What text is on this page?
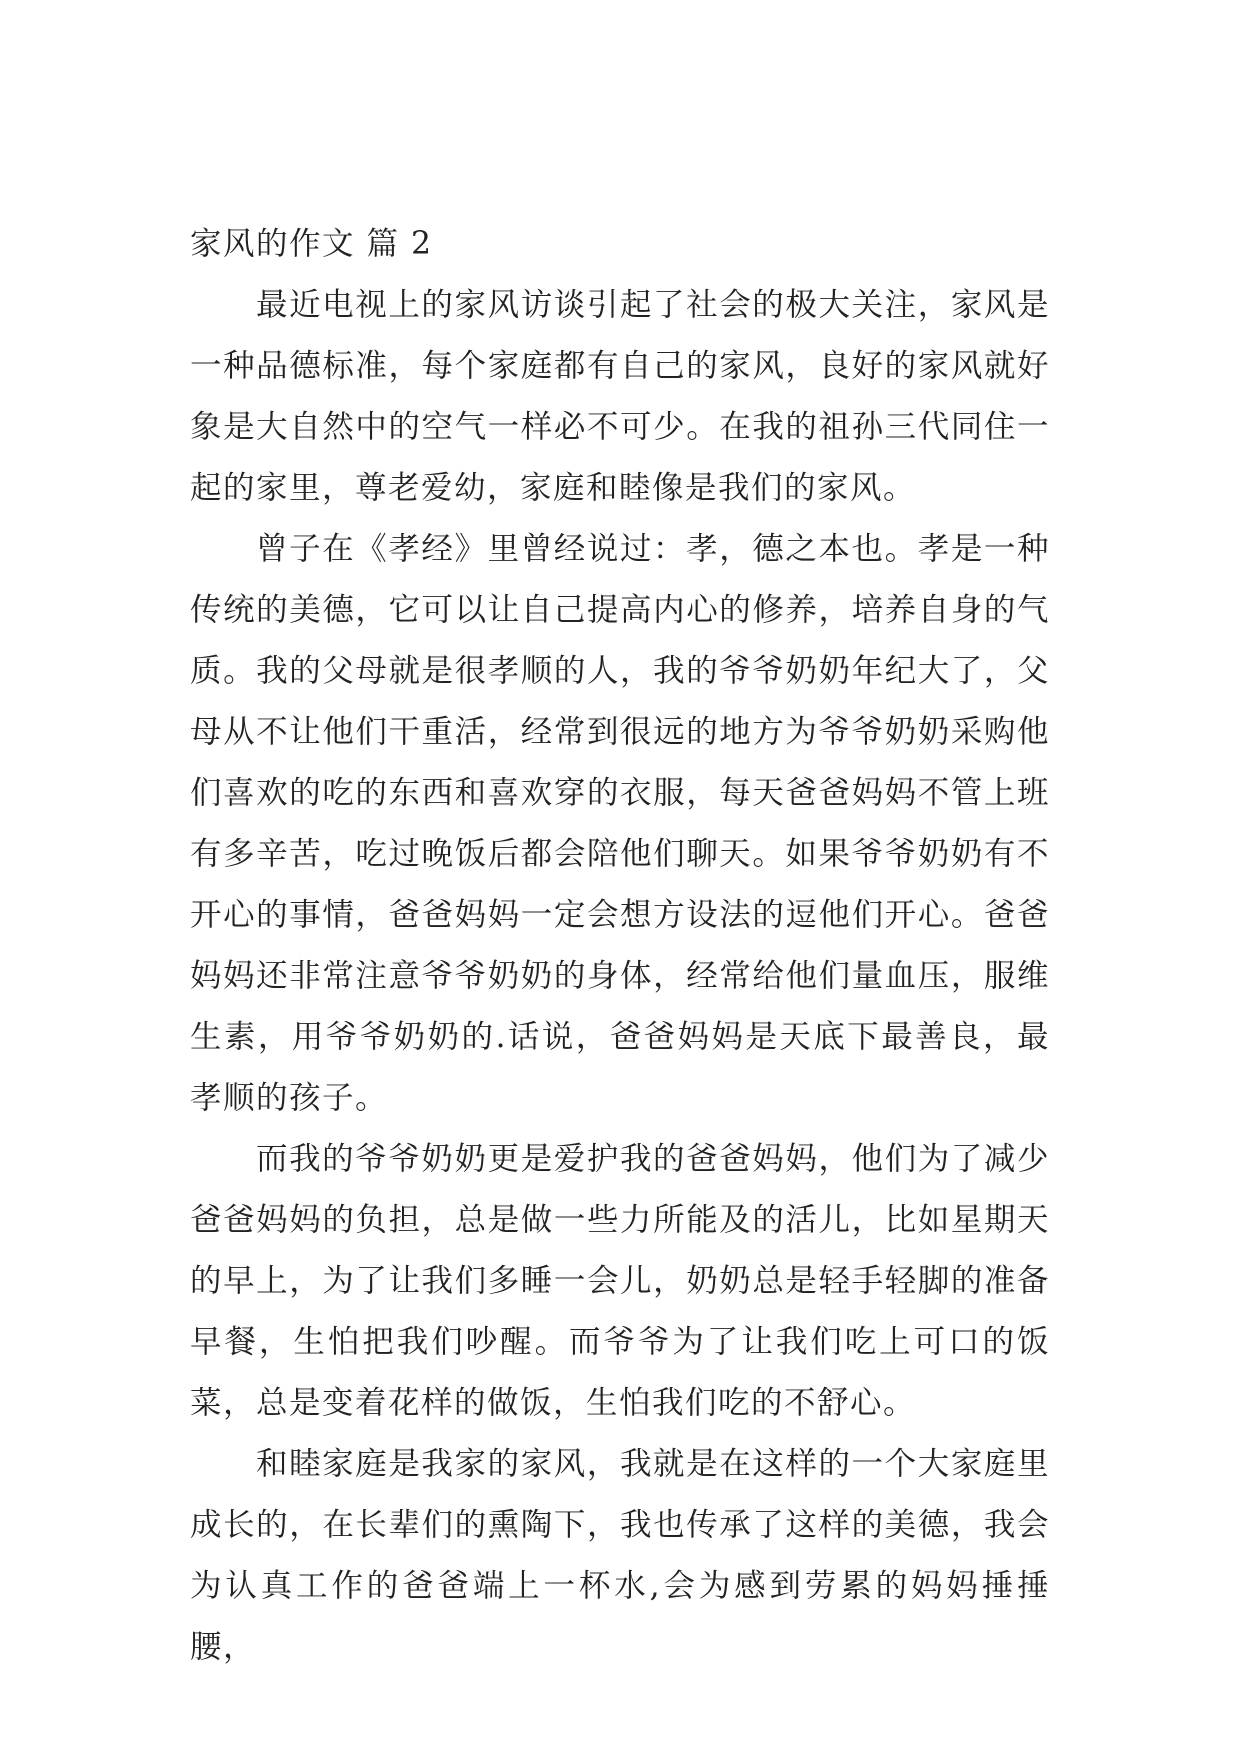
家风的作文 篇 2

最近电视上的家风访谈引起了社会的极大关注，家风是一种品德标准，每个家庭都有自己的家风，良好的家风就好象是大自然中的空气一样必不可少。在我的祖孙三代同住一起的家里，尊老爱幼，家庭和睦像是我们的家风。

曾子在《孝经》里曾经说过：孝，德之本也。孝是一种传统的美德，它可以让自己提高内心的修养，培养自身的气质。我的父母就是很孝顺的人，我的爷爷奶奶年纪大了，父母从不让他们干重活，经常到很远的地方为爷爷奶奶采购他们喜欢的吃的东西和喜欢穿的衣服，每天爸爸妈妈不管上班有多辛苦，吃过晚饭后都会陪他们聊天。如果爷爷奶奶有不开心的事情，爸爸妈妈一定会想方设法的逗他们开心。爸爸妈妈还非常注意爷爷奶奶的身体，经常给他们量血压，服维生素，用爷爷奶奶的.话说，爸爸妈妈是天底下最善良，最孝顺的孩子。

而我的爷爷奶奶更是爱护我的爸爸妈妈，他们为了减少爸爸妈妈的负担，总是做一些力所能及的活儿，比如星期天的早上，为了让我们多睡一会儿，奶奶总是轻手轻脚的准备早餐，生怕把我们吵醒。而爷爷为了让我们吃上可口的饭菜，总是变着花样的做饭，生怕我们吃的不舒心。

和睦家庭是我家的家风，我就是在这样的一个大家庭里成长的，在长辈们的熏陶下，我也传承了这样的美德，我会为认真工作的爸爸端上一杯水,会为感到劳累的妈妈捶捶腰，
